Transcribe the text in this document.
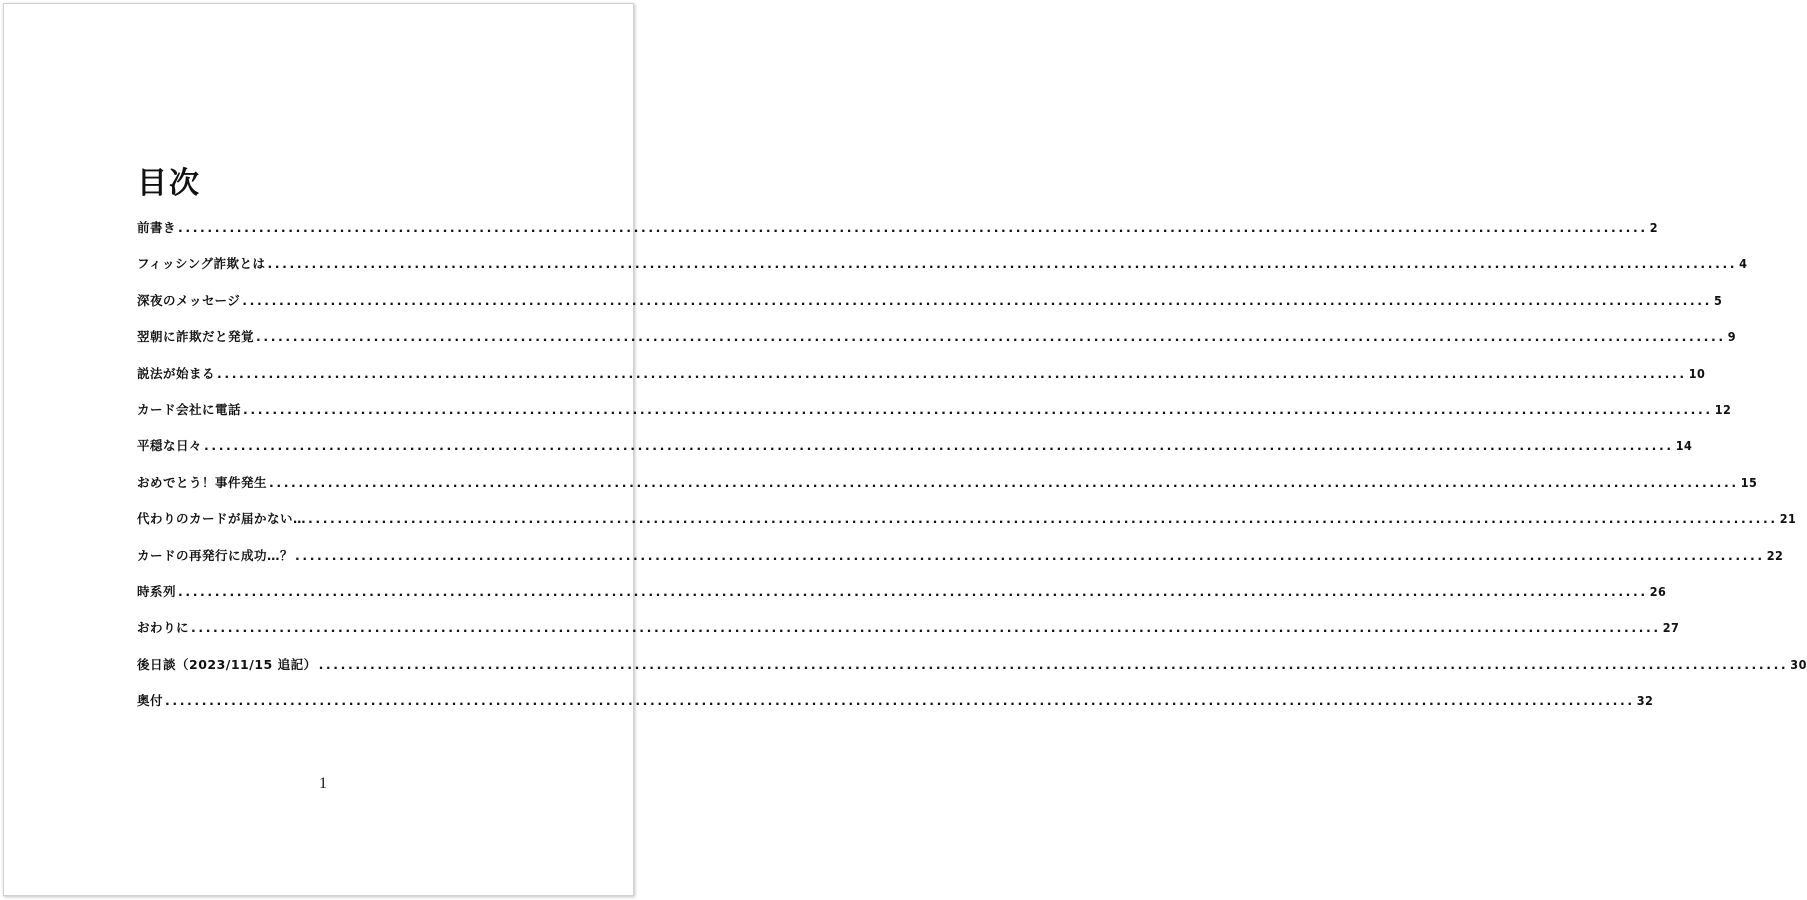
目次
前書き ........................................................................................................................................................................................................ 2
フィッシング詐欺とは ........................................................................................................................................................................................................ 4
深夜のメッセージ ........................................................................................................................................................................................................ 5
翌朝に詐欺だと発覚 ........................................................................................................................................................................................................ 9
説法が始まる ........................................................................................................................................................................................................ 10
カード会社に電話 ........................................................................................................................................................................................................ 12
平穏な日々 ........................................................................................................................................................................................................ 14
おめでとう！事件発生 ........................................................................................................................................................................................................ 15
代わりのカードが届かない… ........................................................................................................................................................................................................ 21
カードの再発行に成功…？ ........................................................................................................................................................................................................ 22
時系列 ........................................................................................................................................................................................................ 26
おわりに ........................................................................................................................................................................................................ 27
後日談（2023/11/15 追記） ........................................................................................................................................................................................................ 30
奥付 ........................................................................................................................................................................................................ 32
1
